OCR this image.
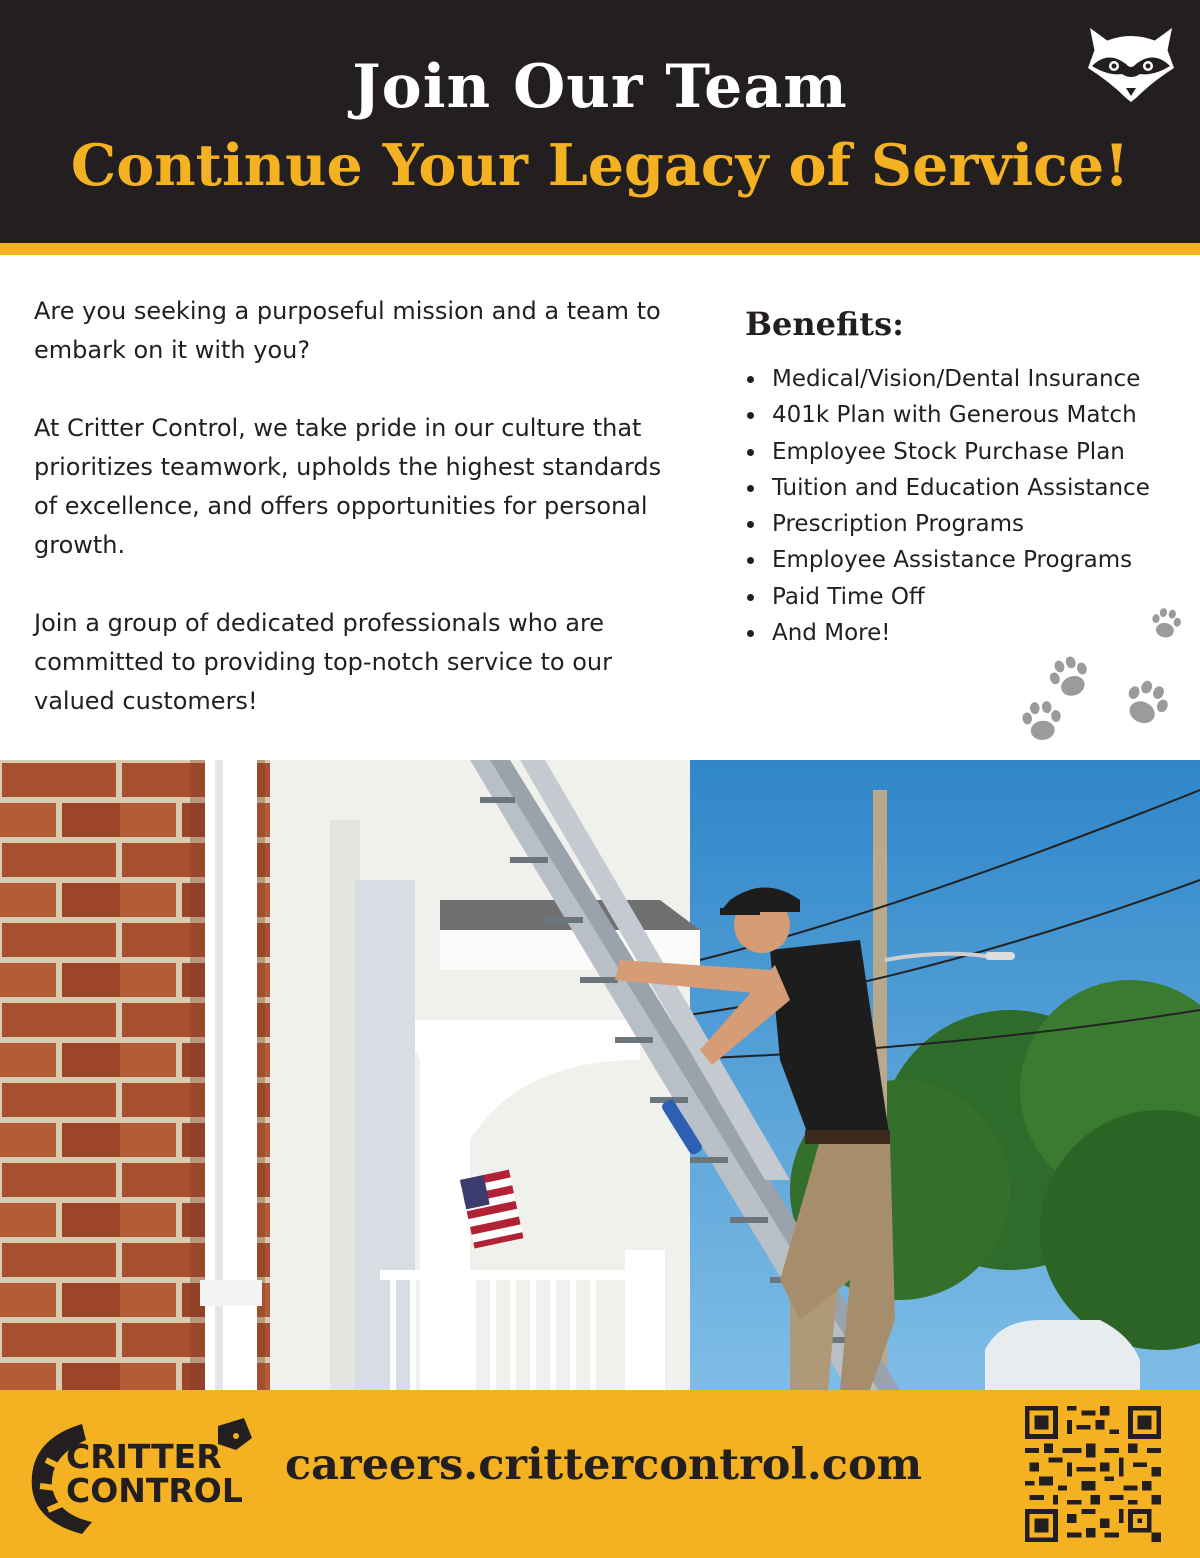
Join Our Team
Continue Your Legacy of Service!

Are you seeking a purposeful mission and a team to embark on it with you?

At Critter Control, we take pride in our culture that prioritizes teamwork, upholds the highest standards of excellence, and offers opportunities for personal growth.

Join a group of dedicated professionals who are committed to providing top-notch service to our valued customers!

Benefits:
Medical/Vision/Dental Insurance
401k Plan with Generous Match
Employee Stock Purchase Plan
Tuition and Education Assistance
Prescription Programs
Employee Assistance Programs
Paid Time Off
And More!
CRITTER
CONTROL
careers.crittercontrol.com
